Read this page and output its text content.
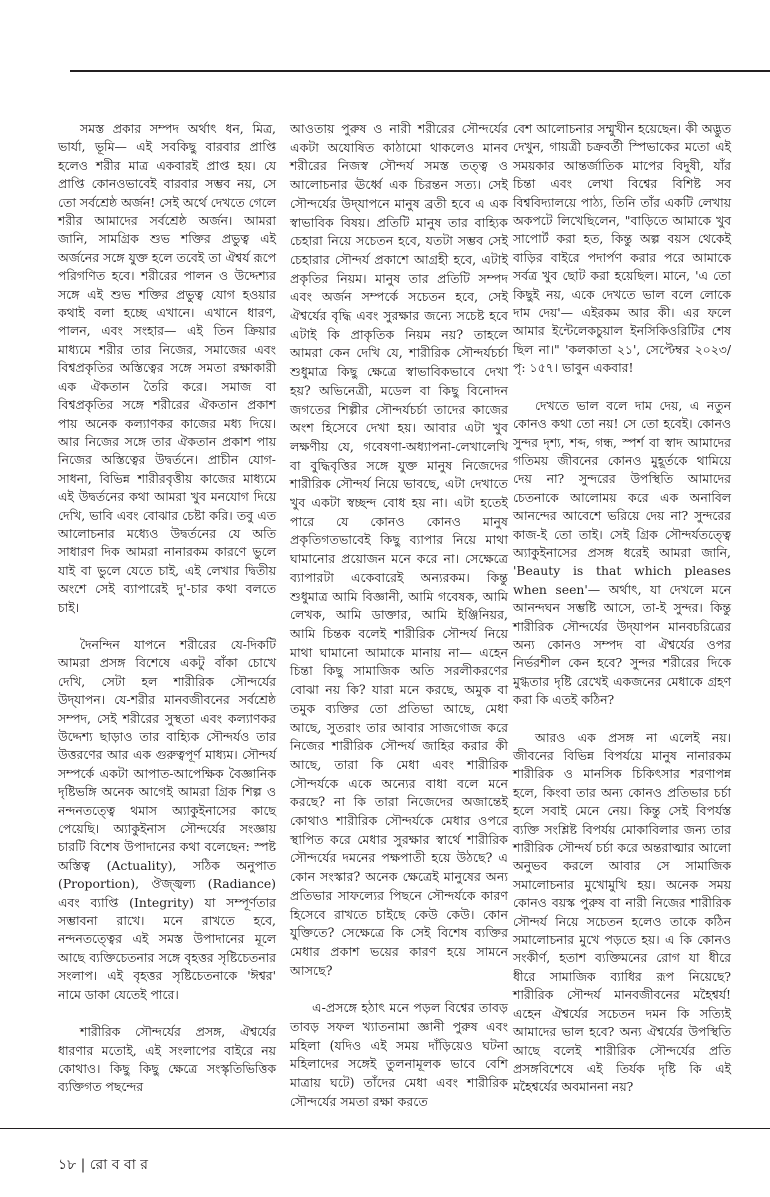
সমস্ত প্রকার সম্পদ অর্থাৎ ধন, মিত্র, ভার্যা, ভূমি— এই সবকিছু বারবার প্রাপ্তি হলেও শরীর মাত্র একবারই প্রাপ্ত হয়। যে প্রাপ্তি কোনওভাবেই বারবার সম্ভব নয়, সে তো সর্বশ্রেষ্ঠ অর্জন! সেই অর্থে দেখতে গেলে শরীর আমাদের সর্বশ্রেষ্ঠ অর্জন। আমরা জানি, সামগ্রিক শুভ শক্তির প্রভুত্ব এই অর্জনের সঙ্গে যুক্ত হলে তবেই তা ঐশ্বর্য রূপে পরিগণিত হবে। শরীরের পালন ও উদ্দেশ্যর সঙ্গে এই শুভ শক্তির প্রভুত্ব যোগ হওয়ার কথাই বলা হচ্ছে এখানে। এখানে ধারণ, পালন, এবং সংহার— এই তিন ক্রিয়ার মাধ্যমে শরীর তার নিজের, সমাজের এবং বিশ্বপ্রকৃতির অস্তিত্বের সঙ্গে সমতা রক্ষাকারী এক ঐকতান তৈরি করে। সমাজ বা বিশ্বপ্রকৃতির সঙ্গে শরীরের ঐকতান প্রকাশ পায় অনেক কল্যাণকর কাজের মধ্য দিয়ে। আর নিজের সঙ্গে তার ঐকতান প্রকাশ পায় নিজের অস্তিত্বের উদ্বর্তনে। প্রাচীন যোগ-সাধনা, বিভিন্ন শারীরবৃত্তীয় কাজের মাধ্যমে এই উদ্বর্তনের কথা আমরা খুব মনযোগ দিয়ে দেখি, ভাবি এবং বোঝার চেষ্টা করি। তবু এত আলোচনার মধ্যেও উদ্বর্তনের যে অতি সাধারণ দিক আমরা নানারকম কারণে ভুলে যাই বা ভুলে যেতে চাই, এই লেখার দ্বিতীয় অংশে সেই ব্যাপারেই দু'-চার কথা বলতে চাই।

দৈনন্দিন যাপনে শরীরের যে-দিকটি আমরা প্রসঙ্গ বিশেষে একটু বাঁকা চোখে দেখি, সেটা হল শারীরিক সৌন্দর্যের উদ্‌যাপন। যে-শরীর মানবজীবনের সর্বশ্রেষ্ঠ সম্পদ, সেই শরীরের সুস্থতা এবং কল্যাণকর উদ্দেশ্য ছাড়াও তার বাহ্যিক সৌন্দর্যও তার উত্তরণের আর এক গুরুত্বপূর্ণ মাধ্যম। সৌন্দর্য সম্পর্কে একটা আপাত-আপেক্ষিক বৈজ্ঞানিক দৃষ্টিভঙ্গি অনেক আগেই আমরা গ্রিক শিল্প ও নন্দনতত্ত্বে থমাস অ্যাকুইনাসের কাছে পেয়েছি। অ্যাকুইনাস সৌন্দর্যের সংজ্ঞায় চারটি বিশেষ উপাদানের কথা বলেছেন: স্পষ্ট অস্তিত্ব (Actuality), সঠিক অনুপাত (Proportion), ঔজ্জ্বল্য (Radiance) এবং ব্যাপ্তি (Integrity) যা সম্পূর্ণতার সম্ভাবনা রাখে। মনে রাখতে হবে, নন্দনতত্ত্বের এই সমস্ত উপাদানের মূলে আছে ব্যক্তিচেতনার সঙ্গে বৃহত্তর সৃষ্টিচেতনার সংলাপ। এই বৃহত্তর সৃষ্টিচেতনাকে 'ঈশ্বর' নামে ডাকা যেতেই পারে।

শারীরিক সৌন্দর্যের প্রসঙ্গ, ঐশ্বর্যের ধারণার মতোই, এই সংলাপের বাইরে নয় কোথাও। কিছু কিছু ক্ষেত্রে সংস্কৃতিভিত্তিক ব্যক্তিগত পছন্দের

আওতায় পুরুষ ও নারী শরীরের সৌন্দর্যের একটা অযোষিত কাঠামো থাকলেও মানব শরীরের নিজস্ব সৌন্দর্য সমস্ত তত্ত্ব ও আলোচনার ঊর্ধ্বে এক চিরন্তন সত্য। সেই সৌন্দর্যের উদ্‌যাপনে মানুষ ব্রতী হবে এ এক স্বাভাবিক বিষয়। প্রতিটি মানুষ তার বাহ্যিক চেহারা নিয়ে সচেতন হবে, যতটা সম্ভব সেই চেহারার সৌন্দর্য প্রকাশে আগ্রহী হবে, এটাই প্রকৃতির নিয়ম। মানুষ তার প্রতিটি সম্পদ এবং অর্জন সম্পর্কে সচেতন হবে, সেই ঐশ্বর্যের বৃদ্ধি এবং সুরক্ষার জন্যে সচেষ্ট হবে এটাই কি প্রাকৃতিক নিয়ম নয়? তাহলে আমরা কেন দেখি যে, শারীরিক সৌন্দর্যচর্চা শুধুমাত্র কিছু ক্ষেত্রে স্বাভাবিকভাবে দেখা হয়? অভিনেত্রী, মডেল বা কিছু বিনোদন জগতের শিল্পীর সৌন্দর্যচর্চা তাদের কাজের অংশ হিসেবে দেখা হয়। আবার এটা খুব লক্ষণীয় যে, গবেষণা-অধ্যাপনা-লেখালেখি বা বুদ্ধিবৃত্তির সঙ্গে যুক্ত মানুষ নিজেদের শারীরিক সৌন্দর্য নিয়ে ভাবছে, এটা দেখাতে খুব একটা স্বচ্ছন্দ বোধ হয় না। এটা হতেই পারে যে কোনও কোনও মানুষ প্রকৃতিগতভাবেই কিছু ব্যাপার নিয়ে মাথা ঘামানোর প্রয়োজন মনে করে না। সেক্ষেত্রে ব্যাপারটা একেবারেই অন্যরকম। কিন্তু শুধুমাত্র আমি বিজ্ঞানী, আমি গবেষক, আমি লেখক, আমি ডাক্তার, আমি ইঞ্জিনিয়র, আমি চিন্তক বলেই শারীরিক সৌন্দর্য নিয়ে মাথা ঘামানো আমাকে মানায় না— এহেন চিন্তা কিছু সামাজিক অতি সরলীকরণের বোঝা নয় কি? যারা মনে করছে, অমুক বা তমুক ব্যক্তির তো প্রতিভা আছে, মেধা আছে, সুতরাং তার আবার সাজগোজ করে নিজের শারীরিক সৌন্দর্য জাহির করার কী আছে, তারা কি মেধা এবং শারীরিক সৌন্দর্যকে একে অন্যের বাধা বলে মনে করছে? না কি তারা নিজেদের অজান্তেই কোথাও শারীরিক সৌন্দর্যকে মেধার ওপরে স্থাপিত করে মেধার সুরক্ষার স্বার্থে শারীরিক সৌন্দর্যের দমনের পক্ষপাতী হয়ে উঠছে? এ কোন সংস্কার? অনেক ক্ষেত্রেই মানুষের অন্য প্রতিভার সাফল্যের পিছনে সৌন্দর্যকে কারণ হিসেবে রাখতে চাইছে কেউ কেউ। কোন যুক্তিতে? সেক্ষেত্রে কি সেই বিশেষ ব্যক্তির মেধার প্রকাশ ভয়ের কারণ হয়ে সামনে আসছে?

এ-প্রসঙ্গে হঠাৎ মনে পড়ল বিশ্বের তাবড় তাবড় সফল খ্যাতনামা জ্ঞানী পুরুষ এবং মহিলা (যদিও এই সময় দাঁড়িয়েও ঘটনা মহিলাদের সঙ্গেই তুলনামূলক ভাবে বেশি মাত্রায় ঘটে) তাঁদের মেধা এবং শারীরিক সৌন্দর্যের সমতা রক্ষা করতে

বেশ আলোচনার সম্মুখীন হয়েছেন। কী অদ্ভুত দেখুন, গায়ত্রী চক্রবর্তী স্পিভাকের মতো এই সময়কার আন্তর্জাতিক মাপের বিদুষী, যাঁর চিন্তা এবং লেখা বিশ্বের বিশিষ্ট সব বিশ্ববিদ্যালয়ে পাঠ্য, তিনি তাঁর একটি লেখায় অকপটে লিখেছিলেন, "বাড়িতে আমাকে খুব সাপোর্ট করা হত, কিন্তু অল্প বয়স থেকেই বাড়ির বাইরে পদার্পণ করার পরে আমাকে সর্বত্র খুব ছোট করা হয়েছিল। মানে, 'এ তো কিছুই নয়, একে দেখতে ভাল বলে লোকে দাম দেয়'— এইরকম আর কী। এর ফলে আমার ইন্টেলেকচুয়াল ইনসিকিওরিটির শেষ ছিল না।" 'কলকাতা ২১', সেপ্টেম্বর ২০২৩/পৃ: ১৫৭। ভাবুন একবার!

দেখতে ভাল বলে দাম দেয়, এ নতুন কোনও কথা তো নয়! সে তো হবেই। কোনও সুন্দর দৃশ্য, শব্দ, গন্ধ, স্পর্শ বা স্বাদ আমাদের গতিময় জীবনের কোনও মুহূর্তকে থামিয়ে দেয় না? সুন্দরের উপস্থিতি আমাদের চেতনাকে আলোময় করে এক অনাবিল আনন্দের আবেশে ভরিয়ে দেয় না? সুন্দরের কাজ-ই তো তাই। সেই গ্রিক সৌন্দর্যতত্ত্বে অ্যাকুইনাসের প্রসঙ্গ ধরেই আমরা জানি, 'Beauty is that which pleases when seen'— অর্থাৎ, যা দেখলে মনে আনন্দঘন সম্ভষ্টি আসে, তা-ই সুন্দর। কিন্তু শারীরিক সৌন্দর্যের উদ্‌যাপন মানবচরিত্রের অন্য কোনও সম্পদ বা ঐশ্বর্যের ওপর নির্ভরশীল কেন হবে? সুন্দর শরীরের দিকে মুগ্ধতার দৃষ্টি রেখেই একজনের মেধাকে গ্রহণ করা কি এতই কঠিন?

আরও এক প্রসঙ্গ না এলেই নয়। জীবনের বিভিন্ন বিপর্যয়ে মানুষ নানারকম শারীরিক ও মানসিক চিকিৎসার শরণাপন্ন হলে, কিংবা তার অন্য কোনও প্রতিভার চর্চা হলে সবাই মেনে নেয়। কিন্তু সেই বিপর্যস্ত ব্যক্তি সংশ্লিষ্ট বিপর্যয় মোকাবিলার জন্য তার শারীরিক সৌন্দর্য চর্চা করে অন্তরাত্মার আলো অনুভব করলে আবার সে সামাজিক সমালোচনার মুখোমুখি হয়। অনেক সময় কোনও বয়স্ক পুরুষ বা নারী নিজের শারীরিক সৌন্দর্য নিয়ে সচেতন হলেও তাকে কঠিন সমালোচনার মুখে পড়তে হয়। এ কি কোনও সংকীর্ণ, হতাশ ব্যক্তিমনের রোগ যা ধীরে ধীরে সামাজিক ব্যাধির রূপ নিয়েছে? শারীরিক সৌন্দর্য মানবজীবনের মহৈশ্বর্য! এহেন ঐশ্বর্যের সচেতন দমন কি সত্যিই আমাদের ভাল হবে? অন্য ঐশ্বর্যের উপস্থিতি আছে বলেই শারীরিক সৌন্দর্যের প্রতি প্রসঙ্গবিশেষে এই তির্যক দৃষ্টি কি এই মহৈশ্বর্যের অবমাননা নয়?

১৮ | রো ব বা র
